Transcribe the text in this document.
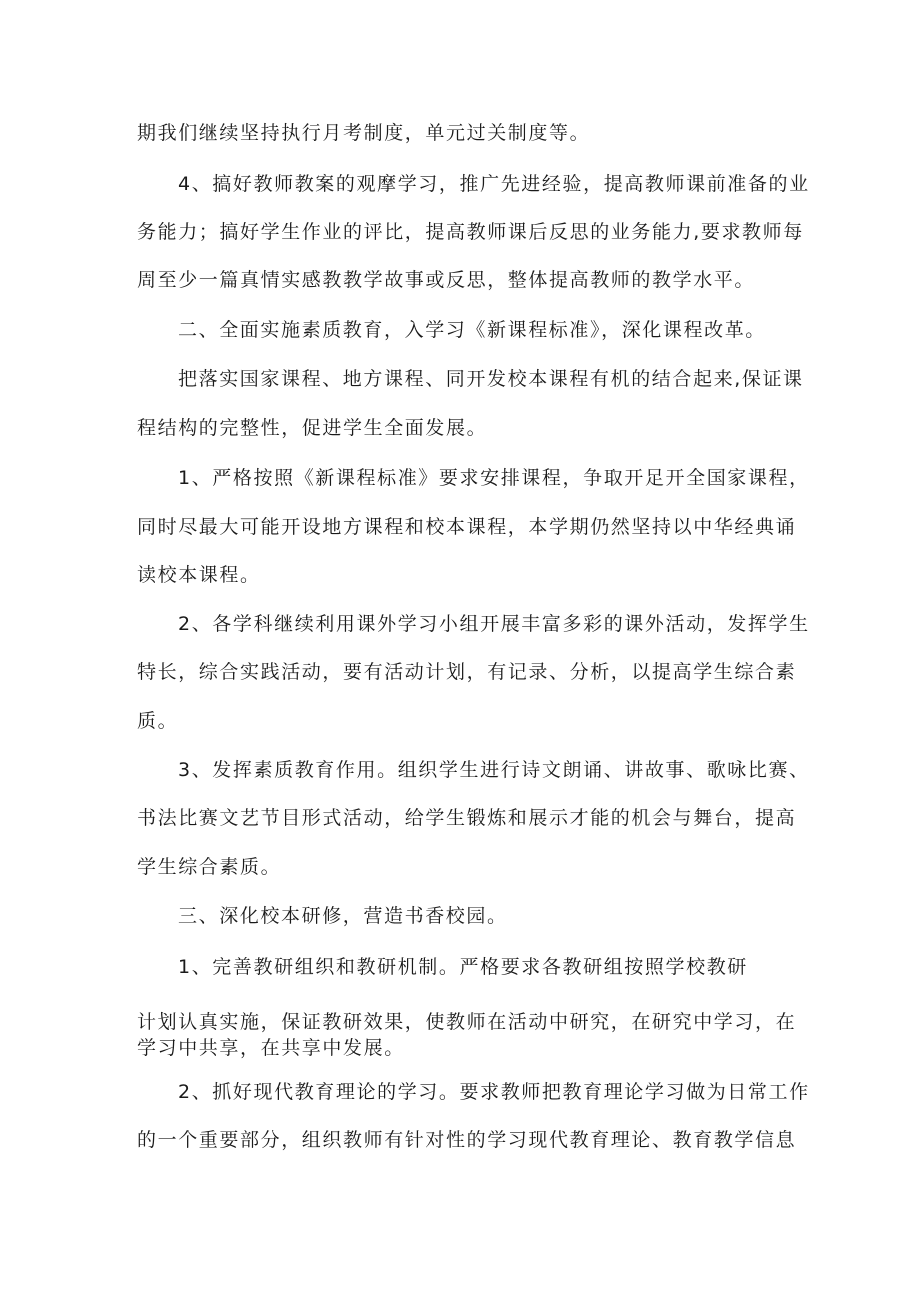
期我们继续坚持执行月考制度，单元过关制度等。
4、搞好教师教案的观摩学习，推广先进经验，提高教师课前准备的业
务能力；搞好学生作业的评比，提高教师课后反思的业务能力,要求教师每
周至少一篇真情实感教教学故事或反思，整体提高教师的教学水平。
二、全面实施素质教育，入学习《新课程标准》，深化课程改革。
把落实国家课程、地方课程、同开发校本课程有机的结合起来,保证课
程结构的完整性，促进学生全面发展。
1、严格按照《新课程标准》要求安排课程，争取开足开全国家课程，
同时尽最大可能开设地方课程和校本课程，本学期仍然坚持以中华经典诵
读校本课程。
2、各学科继续利用课外学习小组开展丰富多彩的课外活动，发挥学生
特长，综合实践活动，要有活动计划，有记录、分析，以提高学生综合素
质。
3、发挥素质教育作用。组织学生进行诗文朗诵、讲故事、歌咏比赛、
书法比赛文艺节目形式活动，给学生锻炼和展示才能的机会与舞台，提高
学生综合素质。
三、深化校本研修，营造书香校园。
1、完善教研组织和教研机制。严格要求各教研组按照学校教研
计划认真实施，保证教研效果，使教师在活动中研究，在研究中学习，在
学习中共享，在共享中发展。
2、抓好现代教育理论的学习。要求教师把教育理论学习做为日常工作
的一个重要部分，组织教师有针对性的学习现代教育理论、教育教学信息
